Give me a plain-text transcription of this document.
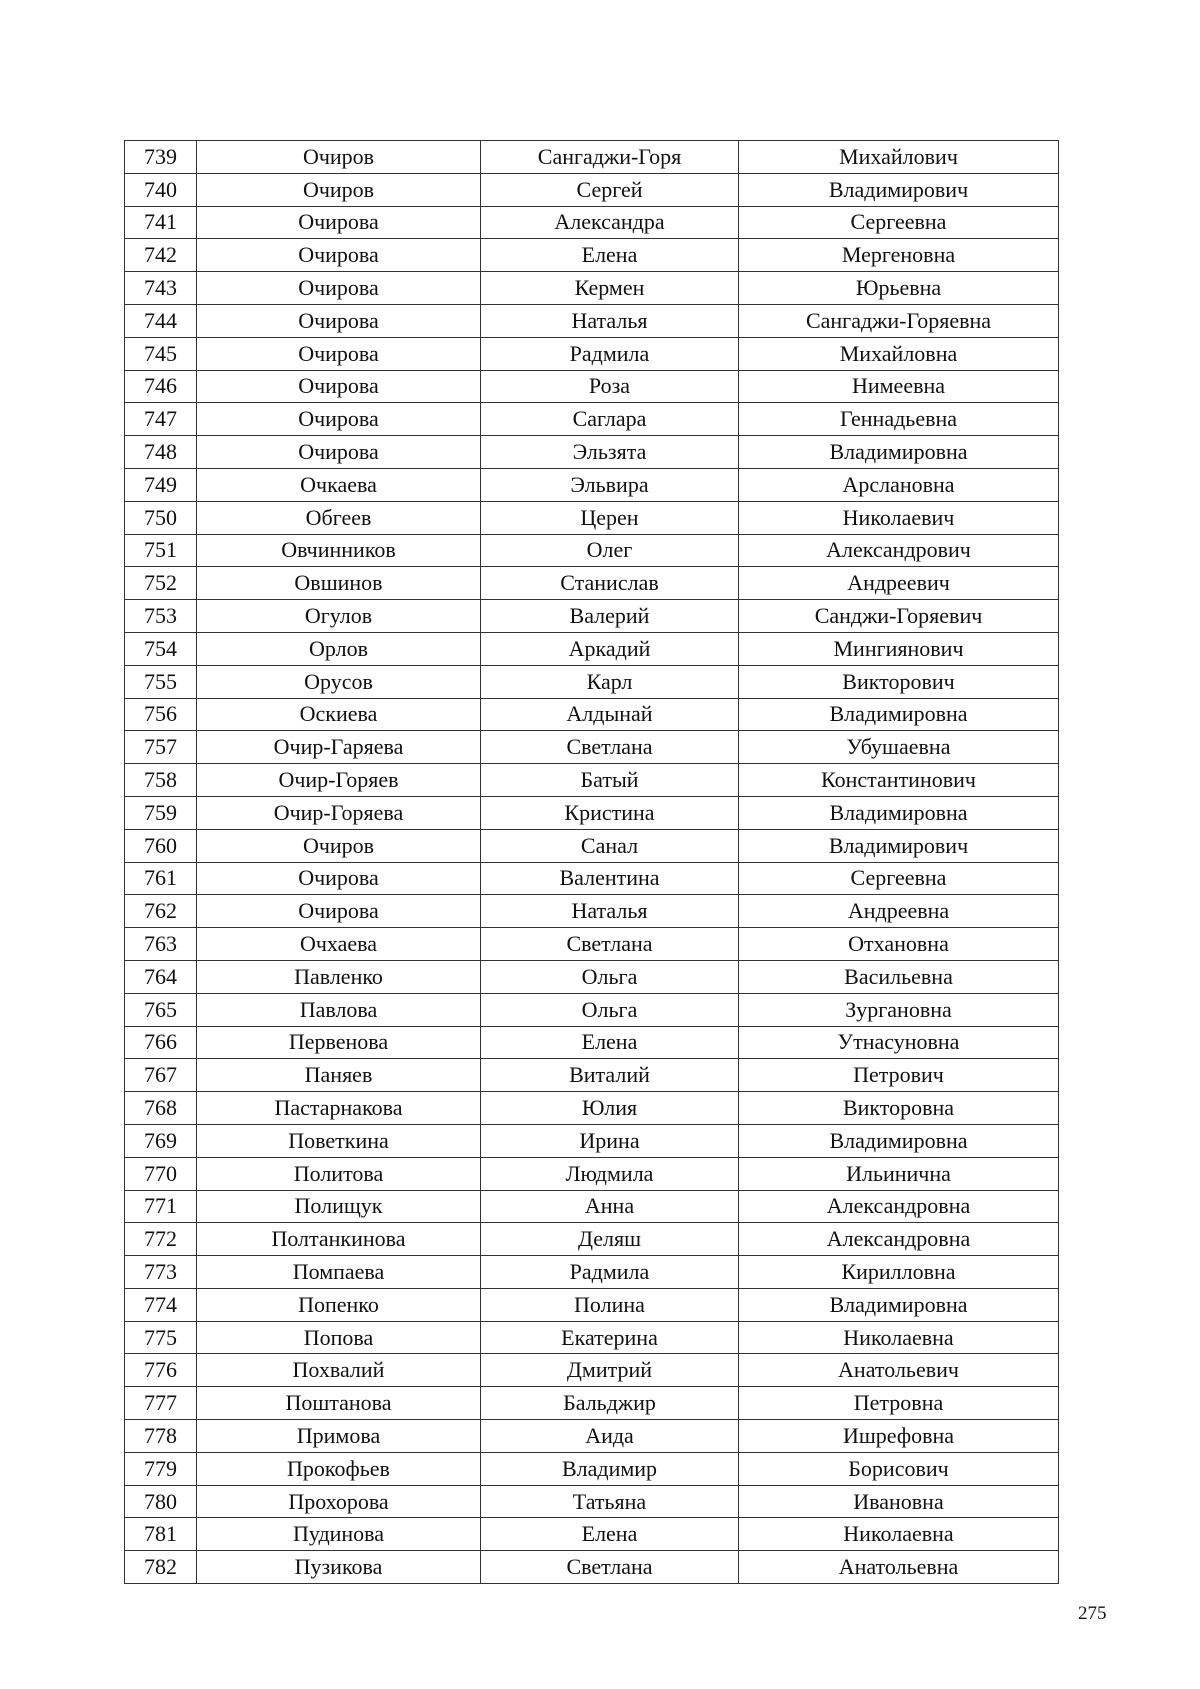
739	Очиров	Сангаджи-Горя	Михайлович
740	Очиров	Сергей	Владимирович
741	Очирова	Александра	Сергеевна
742	Очирова	Елена	Мергеновна
743	Очирова	Кермен	Юрьевна
744	Очирова	Наталья	Сангаджи-Горяевна
745	Очирова	Радмила	Михайловна
746	Очирова	Роза	Нимеевна
747	Очирова	Саглара	Геннадьевна
748	Очирова	Эльзята	Владимировна
749	Очкаева	Эльвира	Арслановна
750	Обгеев	Церен	Николаевич
751	Овчинников	Олег	Александрович
752	Овшинов	Станислав	Андреевич
753	Огулов	Валерий	Санджи-Горяевич
754	Орлов	Аркадий	Мингиянович
755	Орусов	Карл	Викторович
756	Оскиева	Алдынай	Владимировна
757	Очир-Гаряева	Светлана	Убушаевна
758	Очир-Горяев	Батый	Константинович
759	Очир-Горяева	Кристина	Владимировна
760	Очиров	Санал	Владимирович
761	Очирова	Валентина	Сергеевна
762	Очирова	Наталья	Андреевна
763	Очхаева	Светлана	Отхановна
764	Павленко	Ольга	Васильевна
765	Павлова	Ольга	Зургановна
766	Первенова	Елена	Утнасуновна
767	Паняев	Виталий	Петрович
768	Пастарнакова	Юлия	Викторовна
769	Поветкина	Ирина	Владимировна
770	Политова	Людмила	Ильинична
771	Полищук	Анна	Александровна
772	Полтанкинова	Деляш	Александровна
773	Помпаева	Радмила	Кирилловна
774	Попенко	Полина	Владимировна
775	Попова	Екатерина	Николаевна
776	Похвалий	Дмитрий	Анатольевич
777	Поштанова	Бальджир	Петровна
778	Примова	Аида	Ишрефовна
779	Прокофьев	Владимир	Борисович
780	Прохорова	Татьяна	Ивановна
781	Пудинова	Елена	Николаевна
782	Пузикова	Светлана	Анатольевна
275
